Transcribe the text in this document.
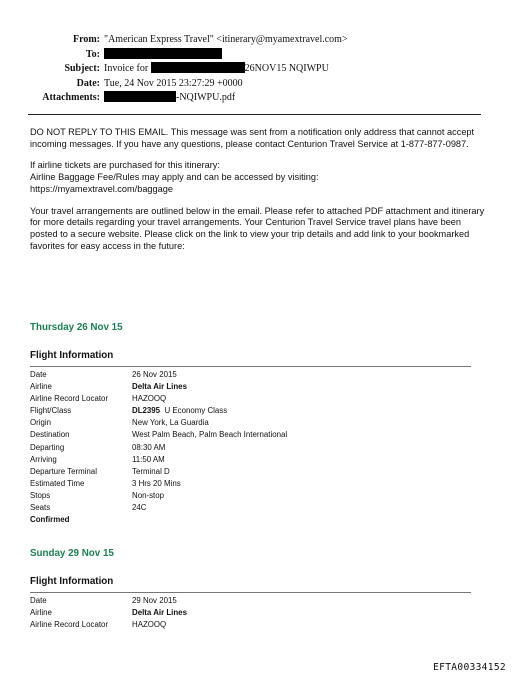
From: "American Express Travel" <itinerary@myamextravel.com>
To:
Subject: Invoice for	26NOV15 NQIWPU
Date: Tue, 24 Nov 2015 23:27:29 +0000
Attachments:	-NQIWPU.pdf

DO NOT REPLY TO THIS EMAIL. This message was sent from a notification only address that cannot accept incoming messages. If you have any questions, please contact Centurion Travel Service at 1-877-877-0987.

If airline tickets are purchased for this itinerary:
Airline Baggage Fee/Rules may apply and can be accessed by visiting:
https://myamextravel.com/baggage

Your travel arrangements are outlined below in the email. Please refer to attached PDF attachment and itinerary for more details regarding your travel arrangements. Your Centurion Travel Service travel plans have been posted to a secure website. Please click on the link to view your trip details and add link to your bookmarked favorites for easy access in the future:

Thursday 26 Nov 15
Flight Information
Date	26 Nov 2015
Airline	Delta Air Lines
Airline Record Locator	HAZOOQ
Flight/Class	DL2395 U Economy Class
Origin	New York, La Guardia
Destination	West Palm Beach, Palm Beach International
Departing	08:30 AM
Arriving	11:50 AM
Departure Terminal	Terminal D
Estimated Time	3 Hrs 20 Mins
Stops	Non-stop
Seats	24C
Confirmed
Sunday 29 Nov 15
Flight Information
Date	29 Nov 2015
Airline	Delta Air Lines
Airline Record Locator	HAZOOQ
EFTA00334152
